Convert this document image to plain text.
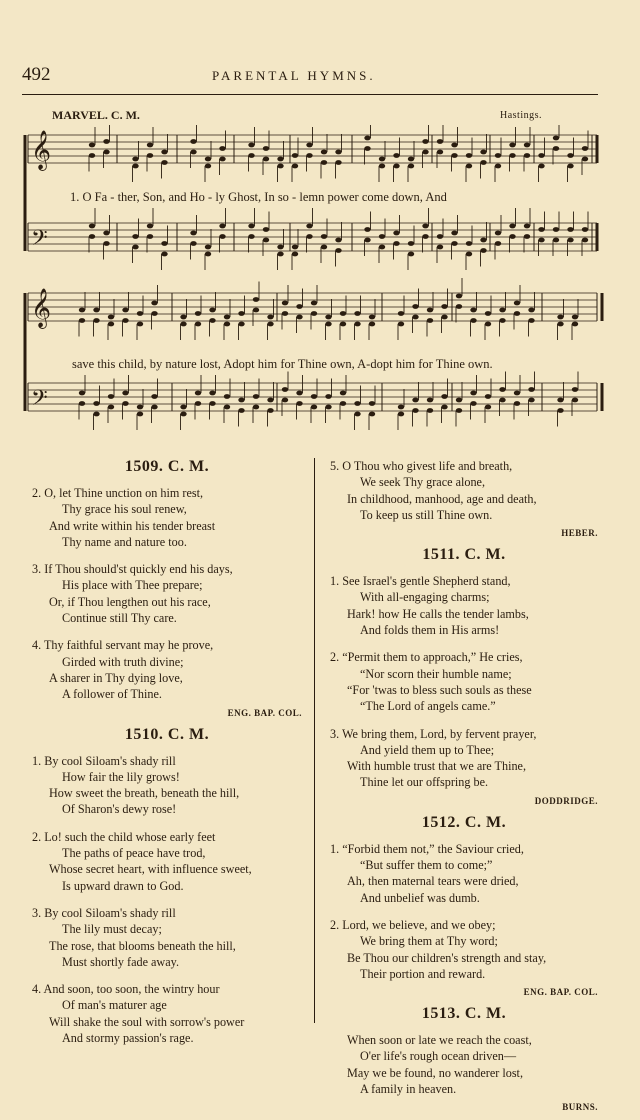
492	PARENTAL HYMNS.
MARVEL. C. M.	Hastings.
𝄞
𝄢
𝄞
𝄢
1. O Fa - ther, Son, and Ho - ly Ghost, In so - lemn power come down, And
save this child, by nature lost, Adopt him for Thine own, A-dopt him for Thine own.
1509. C. M.
2. O, let Thine unction on him rest,
Thy grace his soul renew,
And write within his tender breast
Thy name and nature too.
3. If Thou should'st quickly end his days,
His place with Thee prepare;
Or, if Thou lengthen out his race,
Continue still Thy care.
4. Thy faithful servant may he prove,
Girded with truth divine;
A sharer in Thy dying love,
A follower of Thine.
ENG. BAP. COL.
1510. C. M.
1. By cool Siloam's shady rill
How fair the lily grows!
How sweet the breath, beneath the hill,
Of Sharon's dewy rose!
2. Lo! such the child whose early feet
The paths of peace have trod,
Whose secret heart, with influence sweet,
Is upward drawn to God.
3. By cool Siloam's shady rill
The lily must decay;
The rose, that blooms beneath the hill,
Must shortly fade away.
4. And soon, too soon, the wintry hour
Of man's maturer age
Will shake the soul with sorrow's power
And stormy passion's rage.
5. O Thou who givest life and breath,
We seek Thy grace alone,
In childhood, manhood, age and death,
To keep us still Thine own.
HEBER.
1511. C. M.
1. See Israel's gentle Shepherd stand,
With all-engaging charms;
Hark! how He calls the tender lambs,
And folds them in His arms!
2. “Permit them to approach,” He cries,
“Nor scorn their humble name;
“For 'twas to bless such souls as these
“The Lord of angels came.”
3. We bring them, Lord, by fervent prayer,
And yield them up to Thee;
With humble trust that we are Thine,
Thine let our offspring be.
DODDRIDGE.
1512. C. M.
1. “Forbid them not,” the Saviour cried,
“But suffer them to come;”
Ah, then maternal tears were dried,
And unbelief was dumb.
2. Lord, we believe, and we obey;
We bring them at Thy word;
Be Thou our children's strength and stay,
Their portion and reward.
ENG. BAP. COL.
1513. C. M.
When soon or late we reach the coast,
O'er life's rough ocean driven—
May we be found, no wanderer lost,
A family in heaven.
BURNS.
